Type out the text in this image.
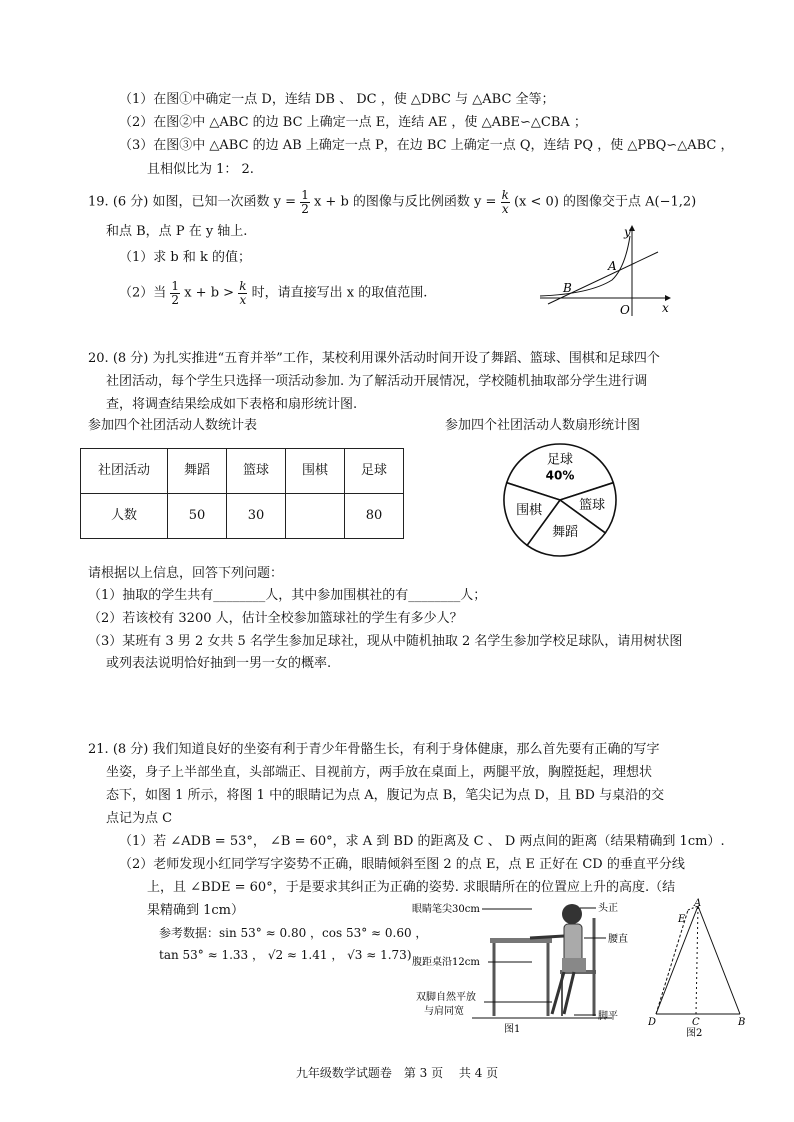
（1）在图①中确定一点 D，连结 DB 、 DC ，使 △DBC 与 △ABC 全等；
（2）在图②中 △ABC 的边 BC 上确定一点 E，连结 AE ，使 △ABE∽△CBA ；
（3）在图③中 △ABC 的边 AB 上确定一点 P，在边 BC 上确定一点 Q，连结 PQ ，使 △PBQ∽△ABC ，
且相似比为 1： 2.
19. (6 分) 如图，已知一次函数 $y = \frac{1}{2}$ x + b 的图像与反比例函数 $y = \frac{k}{x} (x < 0)$ 的图像交于点 A(−1,2)
和点 B，点 P 在 y 轴上.
（1）求 b 和 k 的值；
（2）当 $\frac{1}{2}$ $x + b > \frac{k}{x}$ 时，请直接写出 x 的取值范围.
y
x
O
A
B
20. (8 分) 为扎实推进“五育并举”工作，某校利用课外活动时间开设了舞蹈、篮球、围棋和足球四个
社团活动，每个学生只选择一项活动参加. 为了解活动开展情况，学校随机抽取部分学生进行调
查，将调查结果绘成如下表格和扇形统计图.
参加四个社团活动人数统计表	参加四个社团活动人数扇形统计图
社团活动	舞蹈	篮球	围棋	足球
人数	50	30		80
足球
40%
篮球
舞蹈
围棋
请根据以上信息，回答下列问题：
（1）抽取的学生共有________人，其中参加围棋社的有________人；
（2）若该校有 3200 人，估计全校参加篮球社的学生有多少人？
（3）某班有 3 男 2 女共 5 名学生参加足球社，现从中随机抽取 2 名学生参加学校足球队，请用树状图
或列表法说明恰好抽到一男一女的概率.
21. (8 分) 我们知道良好的坐姿有利于青少年骨骼生长，有利于身体健康，那么首先要有正确的写字
坐姿，身子上半部坐直，头部端正、目视前方，两手放在桌面上，两腿平放，胸膛挺起，理想状
态下，如图 1 所示，将图 1 中的眼睛记为点 A，腹记为点 B，笔尖记为点 D，且 BD 与桌沿的交
点记为点 C
（1）若 ∠ADB = 53°， ∠B = 60°，求 A 到 BD 的距离及 C 、 D 两点间的距离（结果精确到 1cm）.
（2）老师发现小红同学写字姿势不正确，眼睛倾斜至图 2 的点 E，点 E 正好在 CD 的垂直平分线
上，且 ∠BDE = 60°，于是要求其纠正为正确的姿势. 求眼睛所在的位置应上升的高度.（结
果精确到 1cm）
参考数据：sin 53° ≈ 0.80 ，cos 53° ≈ 0.60 ，
tan 53° ≈ 1.33 ， √2 ≈ 1.41 ， √3 ≈ 1.73)
眼睛笔尖30cm	头正
腰直
腹距桌沿12cm
双脚自然平放
与肩同宽	脚平
图1
A
E
D	C	B
图2
九年级数学试题卷　第 3 页　 共 4 页
